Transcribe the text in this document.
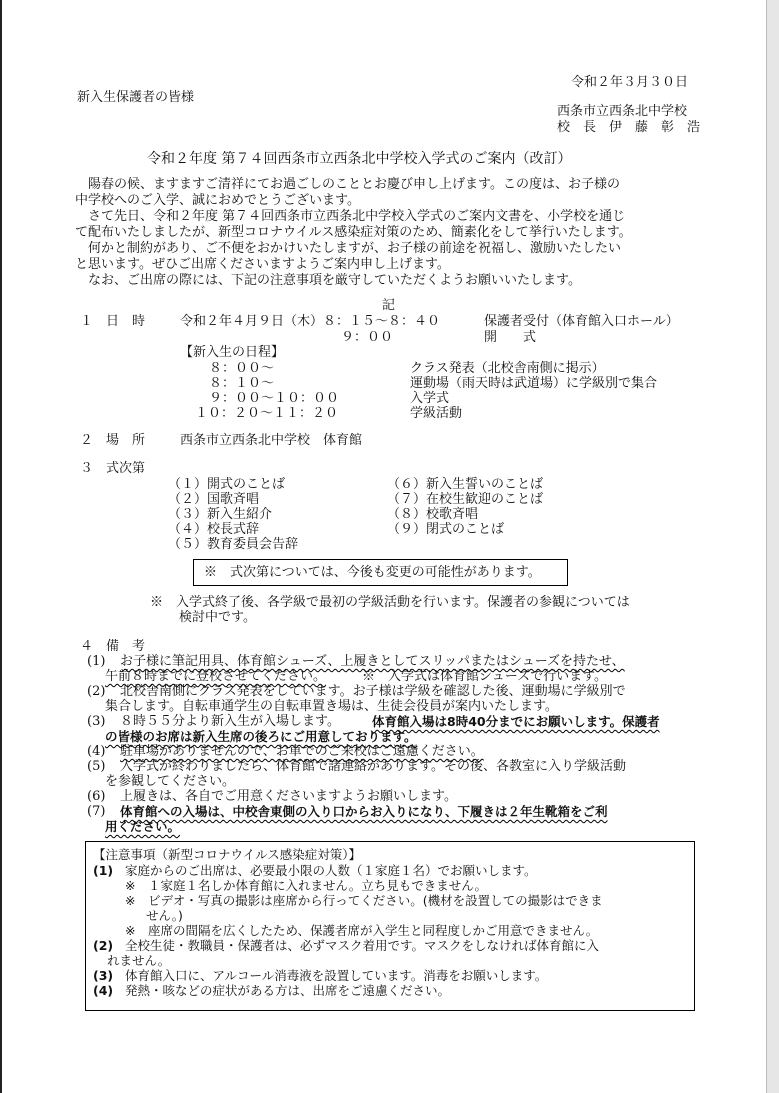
令和２年３月３０日
新入生保護者の皆様
西条市立西条北中学校
校　長　伊　藤　彰　浩
令和２年度 第７４回西条市立西条北中学校入学式のご案内（改訂）
　陽春の候、ますますご清祥にてお過ごしのこととお慶び申し上げます。この度は、お子様の
中学校へのご入学、誠におめでとうございます。
　さて先日、令和２年度 第７４回西条市立西条北中学校入学式のご案内文書を、小学校を通じ
て配布いたしましたが、新型コロナウイルス感染症対策のため、簡素化をして挙行いたします。
　何かと制約があり、ご不便をおかけいたしますが、お子様の前途を祝福し、激励いたしたい
と思います。ぜひご出席くださいますようご案内申し上げます。
　なお、ご出席の際には、下記の注意事項を厳守していただくようお願いいたします。
記
１　日　時	令和２年４月９日（木）８：１５～８：４０	保護者受付（体育館入口ホール）
９：００	開　　式
【新入生の日程】
８：００～	クラス発表（北校舎南側に掲示）
８：１０～	運動場（雨天時は武道場）に学級別で集合
９：００～１０：００	入学式
１０：２０～１１：２０	学級活動
２　場　所	西条市立西条北中学校　体育館
３　式次第
（１）開式のことば
（２）国歌斉唱
（３）新入生紹介
（４）校長式辞
（５）教育委員会告辞
（６）新入生誓いのことば
（７）在校生歓迎のことば
（８）校歌斉唱
（９）閉式のことば
※　式次第については、今後も変更の可能性があります。
※　入学式終了後、各学級で最初の学級活動を行います。保護者の参観については
検討中です。
４　備　考
(1) お子様に筆記用具、体育館シューズ、上履きとしてスリッパまたはシューズを持たせ、
午前８時までに登校させてください。	※　入学式は体育館シューズで行います。
(2) 北校舎南側にクラス発表をしています。お子様は学級を確認した後、運動場に学級別で
集合します。自転車通学生の自転車置き場は、生徒会役員が案内いたします。
(3) ８時５５分より新入生が入場します。	体育館入場は8時40分までにお願いします。保護者
の皆様のお席は新入生席の後ろにご用意しております。
(4) 駐車場がありませんので、お車でのご来校はご遠慮ください。
(5) 入学式が終わりましたら、体育館で諸連絡があります。その後、各教室に入り学級活動
を参観してください。
(6) 上履きは、各自でご用意くださいますようお願いします。
(7) 体育館への入場は、中校舎東側の入り口からお入りになり、下履きは２年生靴箱をご利
用ください。
【注意事項（新型コロナウイルス感染症対策）】
(1) 家庭からのご出席は、必要最小限の人数（１家庭１名）でお願いします。
※　１家庭１名しか体育館に入れません。立ち見もできません。
※　ビデオ・写真の撮影は座席から行ってください。(機材を設置しての撮影はできま
せん。)
※　座席の間隔を広くしたため、保護者席が入学生と同程度しかご用意できません。
(2) 全校生徒・教職員・保護者は、必ずマスク着用です。マスクをしなければ体育館に入
れません。
(3) 体育館入口に、アルコール消毒液を設置しています。消毒をお願いします。
(4) 発熱・咳などの症状がある方は、出席をご遠慮ください。
